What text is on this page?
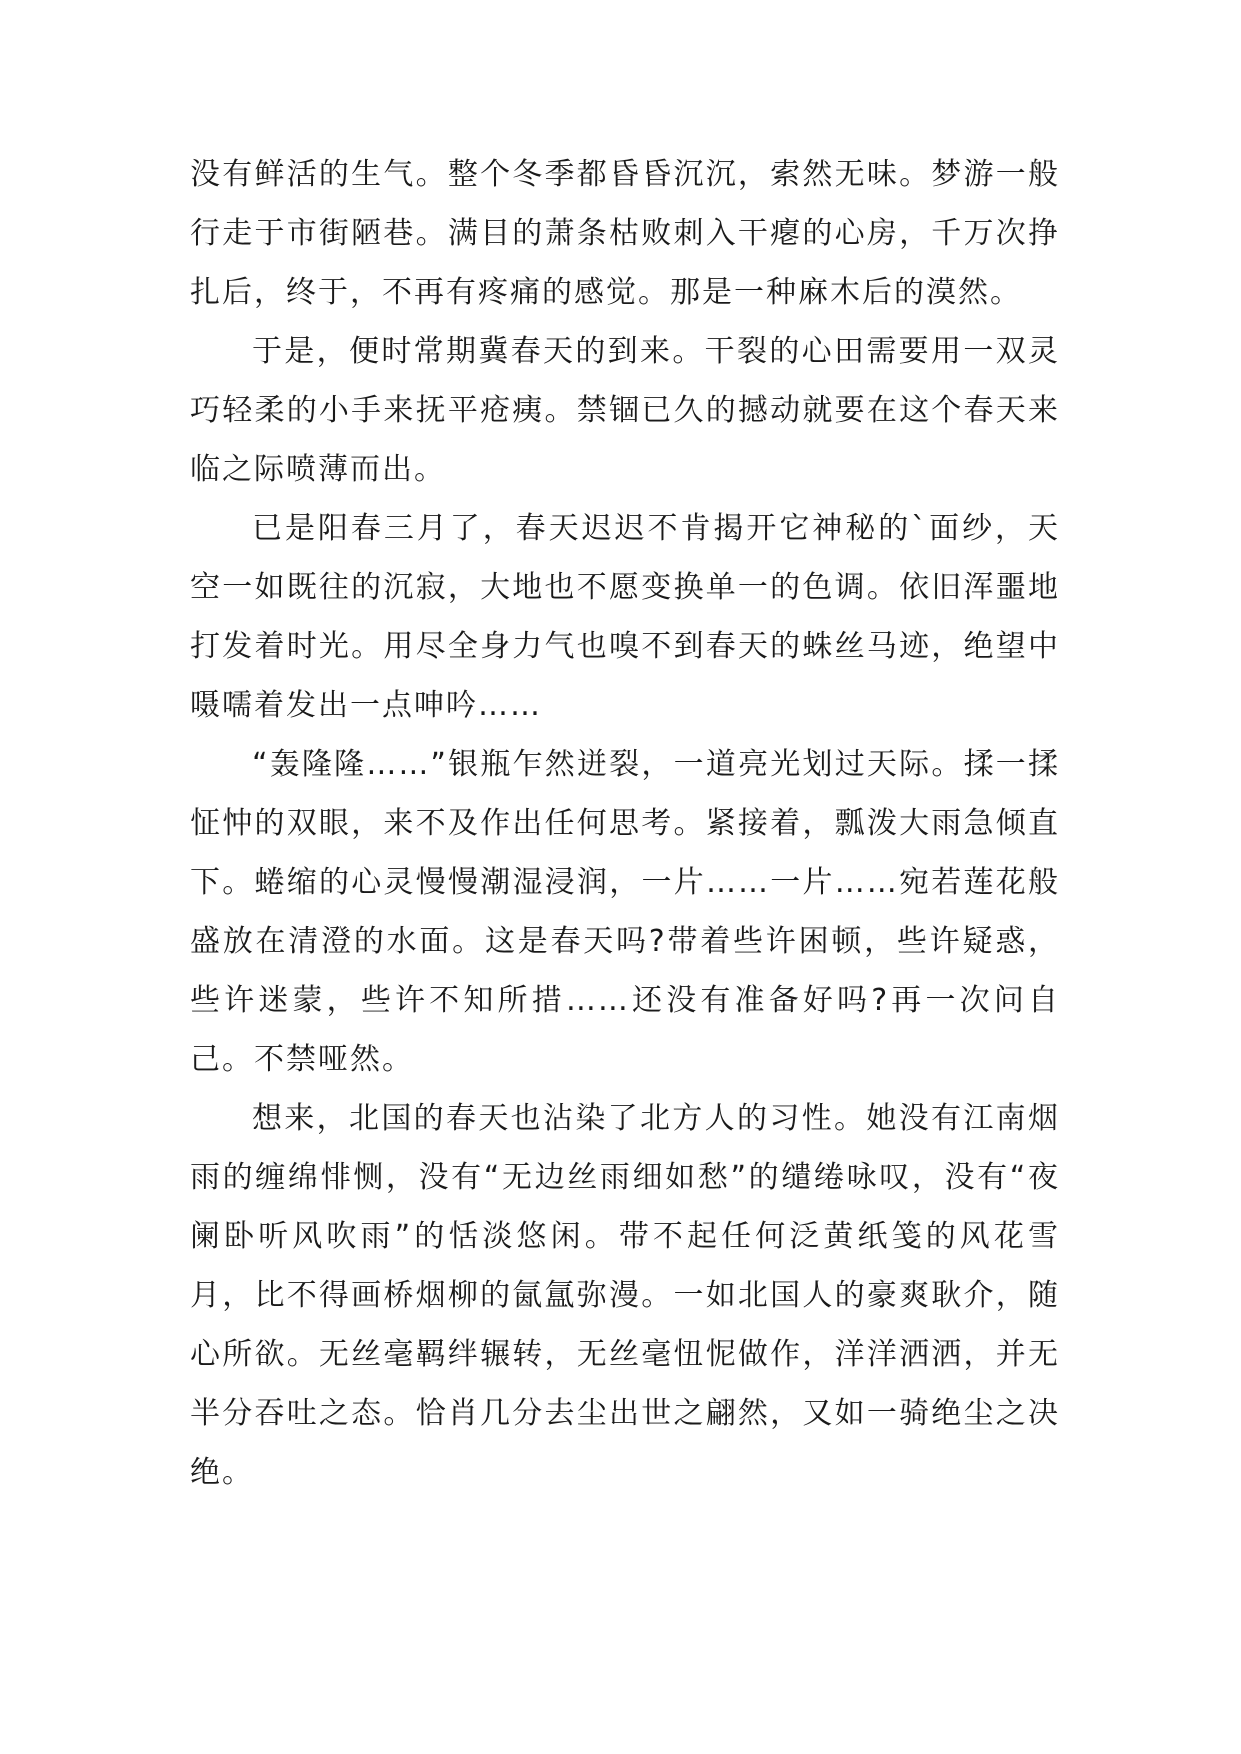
没有鲜活的生气。整个冬季都昏昏沉沉，索然无味。梦游一般行走于市街陋巷。满目的萧条枯败刺入干瘪的心房，千万次挣扎后，终于，不再有疼痛的感觉。那是一种麻木后的漠然。

于是，便时常期冀春天的到来。干裂的心田需要用一双灵巧轻柔的小手来抚平疮痍。禁锢已久的撼动就要在这个春天来临之际喷薄而出。

已是阳春三月了，春天迟迟不肯揭开它神秘的`面纱，天空一如既往的沉寂，大地也不愿变换单一的色调。依旧浑噩地打发着时光。用尽全身力气也嗅不到春天的蛛丝马迹，绝望中嗫嚅着发出一点呻吟……

“轰隆隆……”银瓶乍然迸裂，一道亮光划过天际。揉一揉怔忡的双眼，来不及作出任何思考。紧接着，瓢泼大雨急倾直下。蜷缩的心灵慢慢潮湿浸润，一片……一片……宛若莲花般盛放在清澄的水面。这是春天吗?带着些许困顿，些许疑惑，些许迷蒙，些许不知所措……还没有准备好吗?再一次问自己。不禁哑然。

想来，北国的春天也沾染了北方人的习性。她没有江南烟雨的缠绵悱恻，没有“无边丝雨细如愁”的缱绻咏叹，没有“夜阑卧听风吹雨”的恬淡悠闲。带不起任何泛黄纸笺的风花雪月，比不得画桥烟柳的氤氲弥漫。一如北国人的豪爽耿介，随心所欲。无丝毫羁绊辗转，无丝毫忸怩做作，洋洋洒洒，并无半分吞吐之态。恰肖几分去尘出世之翩然，又如一骑绝尘之决绝。
